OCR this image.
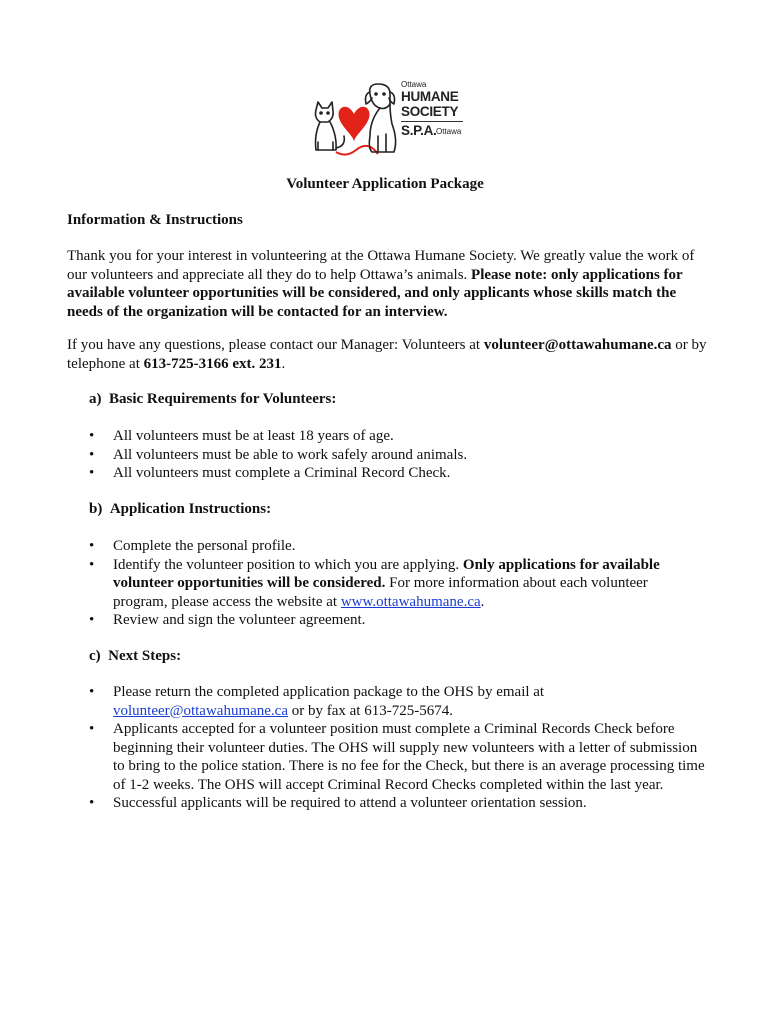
Ottawa
HUMANE
SOCIETY
S.P.A. Ottawa
Volunteer Application Package
Information & Instructions
Thank you for your interest in volunteering at the Ottawa Humane Society. We greatly value the work of our volunteers and appreciate all they do to help Ottawa’s animals. Please note: only applications for available volunteer opportunities will be considered, and only applicants whose skills match the needs of the organization will be contacted for an interview.
If you have any questions, please contact our Manager: Volunteers at volunteer@ottawahumane.ca or by telephone at 613-725-3166 ext. 231.
a)  Basic Requirements for Volunteers:
• All volunteers must be at least 18 years of age.
• All volunteers must be able to work safely around animals.
• All volunteers must complete a Criminal Record Check.
b)  Application Instructions:
• Complete the personal profile.
• Identify the volunteer position to which you are applying. Only applications for available volunteer opportunities will be considered. For more information about each volunteer program, please access the website at www.ottawahumane.ca.
• Review and sign the volunteer agreement.
c)  Next Steps:
• Please return the completed application package to the OHS by email at volunteer@ottawahumane.ca or by fax at 613-725-5674.
• Applicants accepted for a volunteer position must complete a Criminal Records Check before beginning their volunteer duties. The OHS will supply new volunteers with a letter of submission to bring to the police station. There is no fee for the Check, but there is an average processing time of 1-2 weeks. The OHS will accept Criminal Record Checks completed within the last year.
• Successful applicants will be required to attend a volunteer orientation session.
